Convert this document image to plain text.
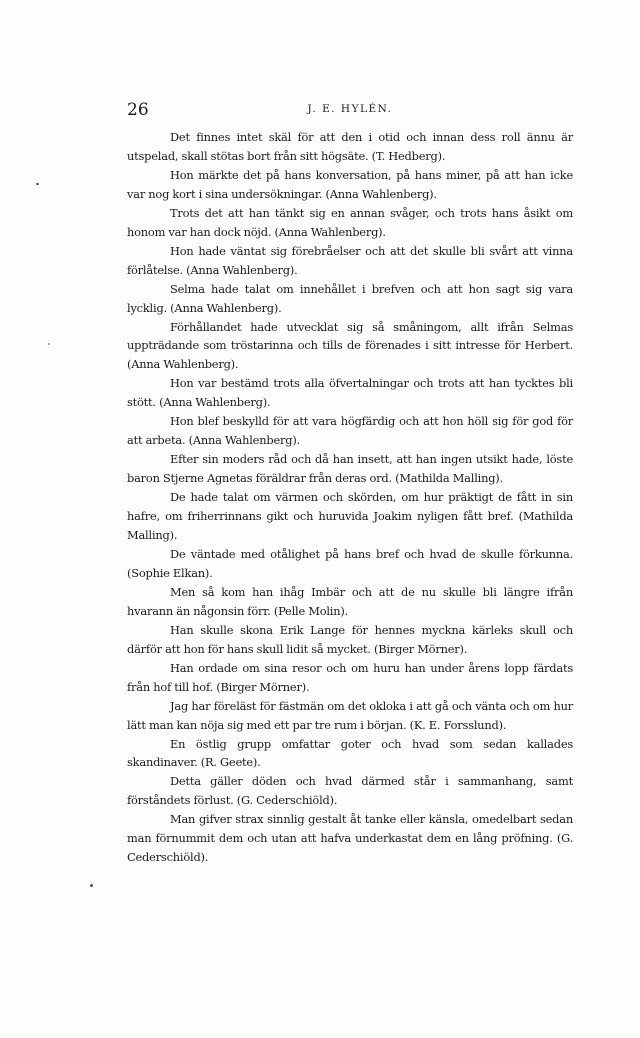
26	J. E. HYLÉN.

Det finnes intet skäl för att den i otid och innan dess roll ännu är utspelad, skall stötas bort från sitt högsäte. (T. Hedberg).

Hon märkte det på hans konversation, på hans miner, på att han icke var nog kort i sina undersökningar. (Anna Wahlenberg).

Trots det att han tänkt sig en annan svåger, och trots hans åsikt om honom var han dock nöjd. (Anna Wahlenberg).

Hon hade väntat sig förebråelser och att det skulle bli svårt att vinna förlåtelse. (Anna Wahlenberg).

Selma hade talat om innehållet i brefven och att hon sagt sig vara lycklig. (Anna Wahlenberg).

Förhållandet hade utvecklat sig så småningom, allt ifrån Selmas uppträdande som tröstarinna och tills de förenades i sitt intresse för Herbert. (Anna Wahlenberg).

Hon var bestämd trots alla öfvertalningar och trots att han tycktes bli stött. (Anna Wahlenberg).

Hon blef beskylld för att vara högfärdig och att hon höll sig för god för att arbeta. (Anna Wahlenberg).

Efter sin moders råd och då han insett, att han ingen utsikt hade, löste baron Stjerne Agnetas föräldrar från deras ord. (Mathilda Malling).

De hade talat om värmen och skörden, om hur präktigt de fått in sin hafre, om friherrinnans gikt och huruvida Joakim nyligen fått bref. (Mathilda Malling).

De väntade med otålighet på hans bref och hvad de skulle förkunna. (Sophie Elkan).

Men så kom han ihåg Imbär och att de nu skulle bli längre ifrån hvarann än någonsin förr. (Pelle Molin).

Han skulle skona Erik Lange för hennes myckna kärleks skull och därför att hon för hans skull lidit så mycket. (Birger Mörner).

Han ordade om sina resor och om huru han under årens lopp färdats från hof till hof. (Birger Mörner).

Jag har föreläst för fästmän om det okloka i att gå och vänta och om hur lätt man kan nöja sig med ett par tre rum i början. (K. E. Forsslund).

En östlig grupp omfattar goter och hvad som sedan kallades skandinaver. (R. Geete).

Detta gäller döden och hvad därmed står i sammanhang, samt förståndets förlust. (G. Cederschiöld).

Man gifver strax sinnlig gestalt åt tanke eller känsla, omedelbart sedan man förnummit dem och utan att hafva underkastat dem en lång pröfning. (G. Cederschiöld).
